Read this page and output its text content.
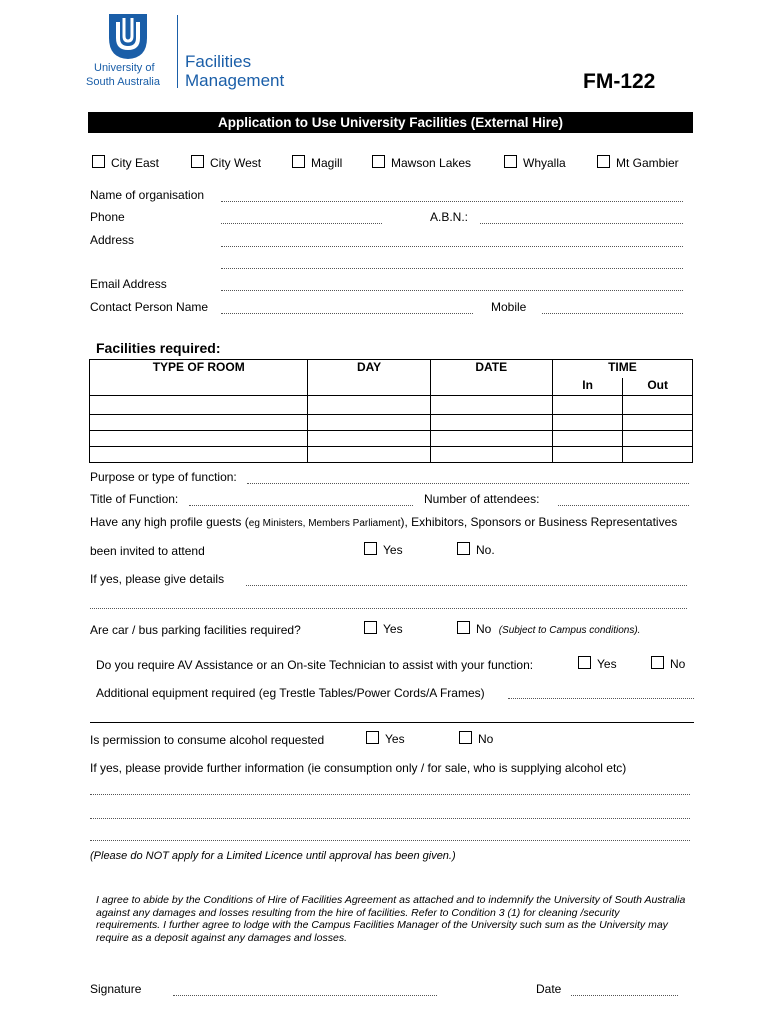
University of
South Australia
Facilities
Management	FM-122
Application to Use University Facilities (External Hire)
City East	City West	Magill	Mawson Lakes	Whyalla	Mt Gambier
Name of organisation
Phone	A.B.N.:
Address
Email Address
Contact Person Name	Mobile
Facilities required:
TYPE OF ROOM	DAY	DATE	TIME	
			In	Out

Purpose or type of function:
Title of Function:	Number of attendees:
Have any high profile guests (eg Ministers, Members Parliament), Exhibitors, Sponsors or Business Representatives
been invited to attend	Yes	No.
If yes, please give details
Are car / bus parking facilities required?	Yes	No (Subject to Campus conditions).
Do you require AV Assistance or an On-site Technician to assist with your function:	Yes	No
Additional equipment required (eg Trestle Tables/Power Cords/A Frames)
Is permission to consume alcohol requested	Yes	No
If yes, please provide further information (ie consumption only / for sale, who is supplying alcohol etc)
(Please do NOT apply for a Limited Licence until approval has been given.)
I agree to abide by the Conditions of Hire of Facilities Agreement as attached and to indemnify the University of South Australia against any damages and losses resulting from the hire of facilities. Refer to Condition 3 (1) for cleaning /security requirements. I further agree to lodge with the Campus Facilities Manager of the University such sum as the University may require as a deposit against any damages and losses.
Signature	Date
